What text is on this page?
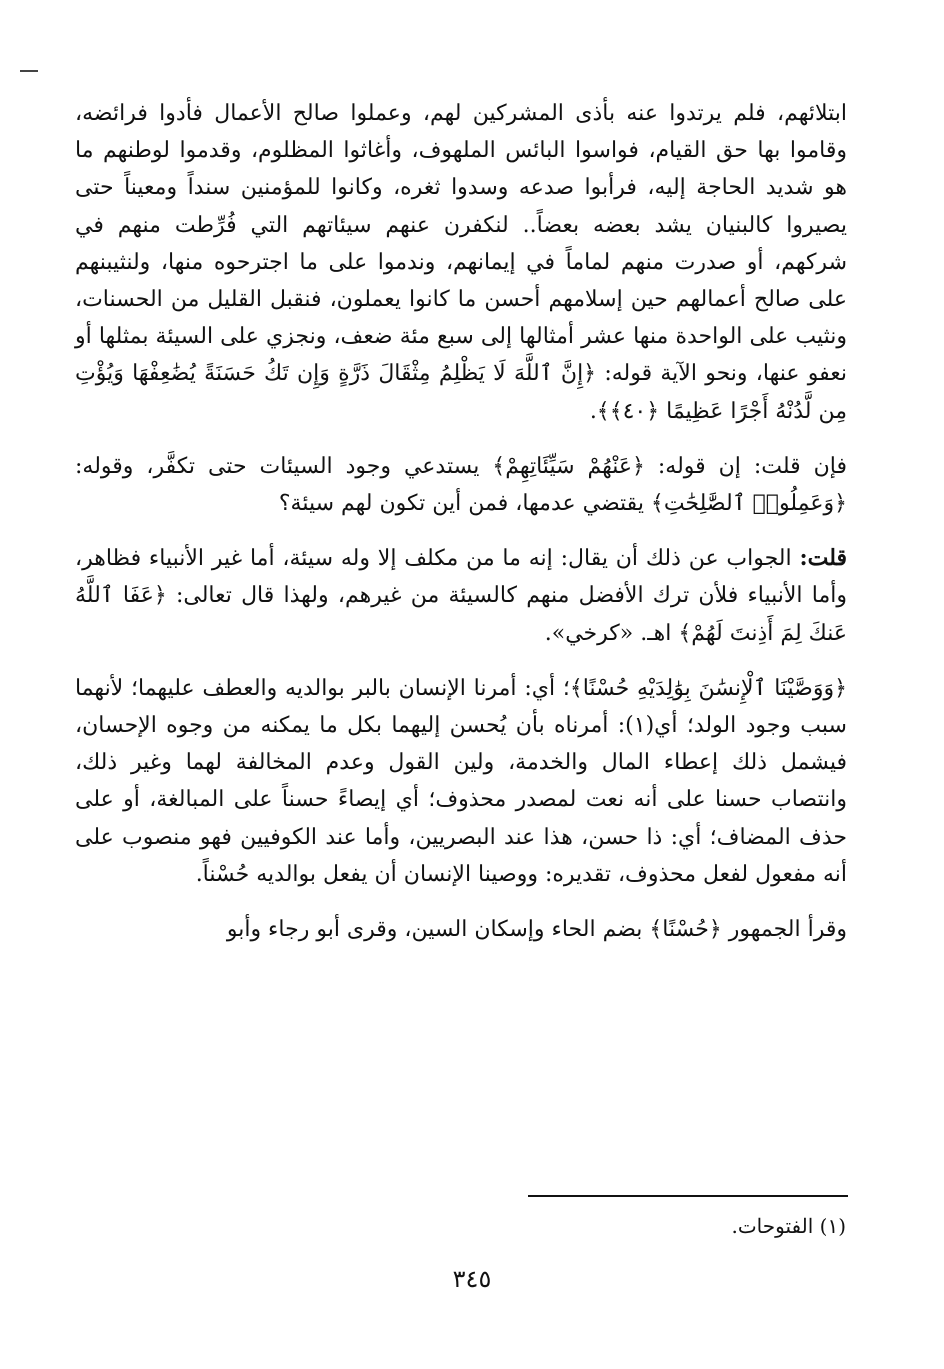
ابتلائهم، فلم يرتدوا عنه بأذى المشركين لهم، وعملوا صالح الأعمال فأدوا فرائضه، وقاموا بها حق القيام، فواسوا البائس الملهوف، وأغاثوا المظلوم، وقدموا لوطنهم ما هو شديد الحاجة إليه، فرأبوا صدعه وسدوا ثغره، وكانوا للمؤمنين سنداً ومعيناً حتى يصيروا كالبنيان يشد بعضه بعضاً.. لنكفرن عنهم سيئاتهم التي فُرِّطت منهم في شركهم، أو صدرت منهم لماماً في إيمانهم، وندموا على ما اجترحوه منها، ولنثيبنهم على صالح أعمالهم حين إسلامهم أحسن ما كانوا يعملون، فنقبل القليل من الحسنات، ونثيب على الواحدة منها عشر أمثالها إلى سبع مئة ضعف، ونجزي على السيئة بمثلها أو نعفو عنها، ونحو الآية قوله: ﴿إِنَّ ٱللَّهَ لَا يَظْلِمُ مِثْقَالَ ذَرَّةٍ وَإِن تَكُ حَسَنَةً يُضَٰعِفْهَا وَيُؤْتِ مِن لَّدُنْهُ أَجْرًا عَظِيمًا ﴿٤٠﴾﴾.

فإن قلت: إن قوله: ﴿عَنْهُمْ سَيِّئَاتِهِمْ﴾ يستدعي وجود السيئات حتى تكفَّر، وقوله: ﴿وَعَمِلُوا۟ ٱلصَّٰلِحَٰتِ﴾ يقتضي عدمها، فمن أين تكون لهم سيئة؟

قلت: الجواب عن ذلك أن يقال: إنه ما من مكلف إلا وله سيئة، أما غير الأنبياء فظاهر، وأما الأنبياء فلأن ترك الأفضل منهم كالسيئة من غيرهم، ولهذا قال تعالى: ﴿عَفَا ٱللَّهُ عَنكَ لِمَ أَذِنتَ لَهُمْ﴾ اهـ. «كرخي».

﴿وَوَصَّيْنَا ٱلْإِنسَٰنَ بِوَٰلِدَيْهِ حُسْنًا﴾؛ أي: أمرنا الإنسان بالبر بوالديه والعطف عليهما؛ لأنهما سبب وجود الولد؛ أي(١): أمرناه بأن يُحسن إليهما بكل ما يمكنه من وجوه الإحسان، فيشمل ذلك إعطاء المال والخدمة، ولين القول وعدم المخالفة لهما وغير ذلك، وانتصاب حسنا على أنه نعت لمصدر محذوف؛ أي إيصاءً حسناً على المبالغة، أو على حذف المضاف؛ أي: ذا حسن، هذا عند البصريين، وأما عند الكوفيين فهو منصوب على أنه مفعول لفعل محذوف، تقديره: ووصينا الإنسان أن يفعل بوالديه حُسْناً.

وقرأ الجمهور ﴿حُسْنًا﴾ بضم الحاء وإسكان السين، وقرى أبو رجاء وأبو

(١) الفتوحات.
٣٤٥
